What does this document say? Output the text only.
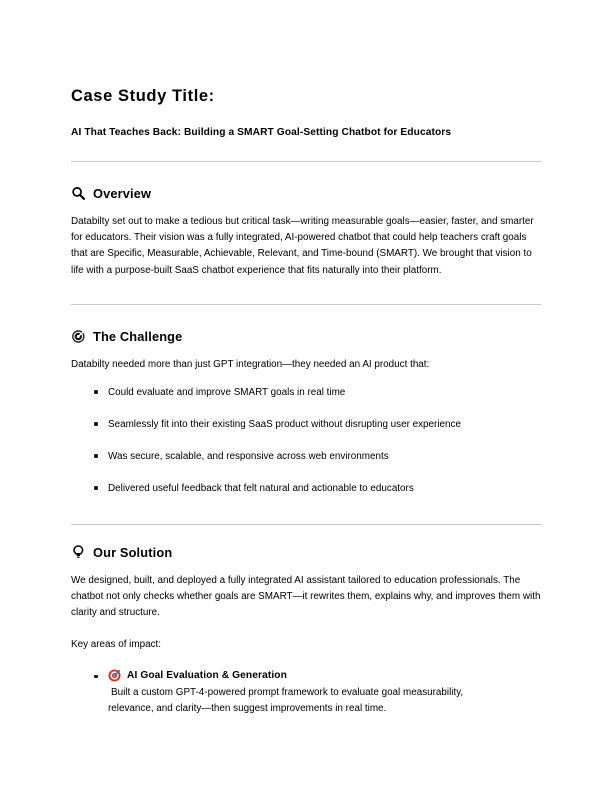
Case Study Title:
AI That Teaches Back: Building a SMART Goal-Setting Chatbot for Educators
Overview

Databilty set out to make a tedious but critical task—writing measurable goals—easier, faster, and smarter for educators. Their vision was a fully integrated, AI-powered chatbot that could help teachers craft goals that are Specific, Measurable, Achievable, Relevant, and Time-bound (SMART). We brought that vision to life with a purpose-built SaaS chatbot experience that fits naturally into their platform.

The Challenge

Databilty needed more than just GPT integration—they needed an AI product that:

Could evaluate and improve SMART goals in real time
Seamlessly fit into their existing SaaS product without disrupting user experience
Was secure, scalable, and responsive across web environments
Delivered useful feedback that felt natural and actionable to educators
Our Solution

We designed, built, and deployed a fully integrated AI assistant tailored to education professionals. The chatbot not only checks whether goals are SMART—it rewrites them, explains why, and improves them with clarity and structure.

Key areas of impact:

AI Goal Evaluation & Generation
Built a custom GPT-4-powered prompt framework to evaluate goal measurability,
relevance, and clarity—then suggest improvements in real time.
